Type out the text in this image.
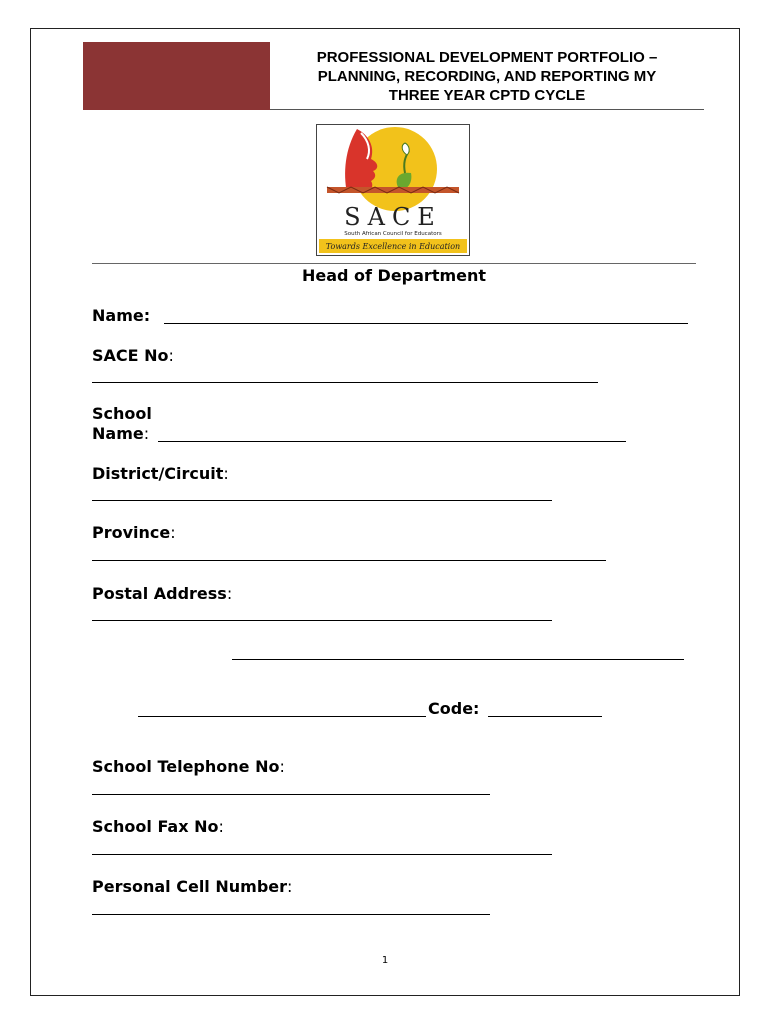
PROFESSIONAL DEVELOPMENT PORTFOLIO –
PLANNING, RECORDING, AND REPORTING MY
THREE YEAR CPTD CYCLE
SACE
South African Council for Educators
Towards Excellence in Education
Head of Department
Name:
SACE No:
School
Name:
District/Circuit:
Province:
Postal Address:
Code:
School Telephone No:
School Fax No:
Personal Cell Number:
1
